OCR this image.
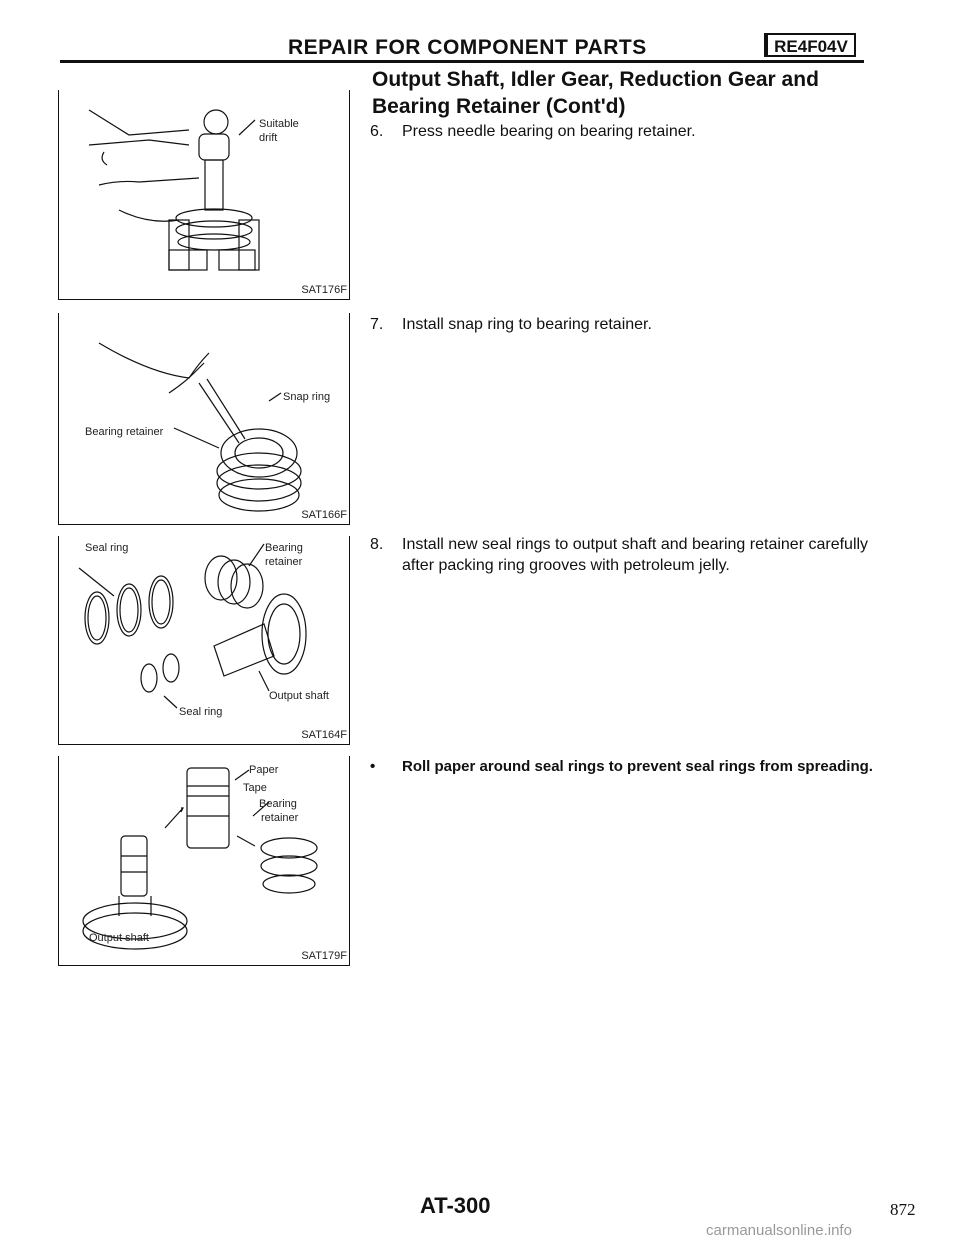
REPAIR FOR COMPONENT PARTS	RE4F04V
Output Shaft, Idler Gear, Reduction Gear and
Bearing Retainer (Cont'd)
6. Press needle bearing on bearing retainer.
7. Install snap ring to bearing retainer.
8. Install new seal rings to output shaft and bearing retainer carefully after packing ring grooves with petroleum jelly.
• Roll paper around seal rings to prevent seal rings from spreading.
Suitable
drift
SAT176F
Snap ring
Bearing retainer
SAT166F
Seal ring	Bearing
retainer
Output shaft
Seal ring
SAT164F
Paper
Tape
Bearing
retainer
Output shaft
SAT179F
AT-300	872
carmanualsonline.info
